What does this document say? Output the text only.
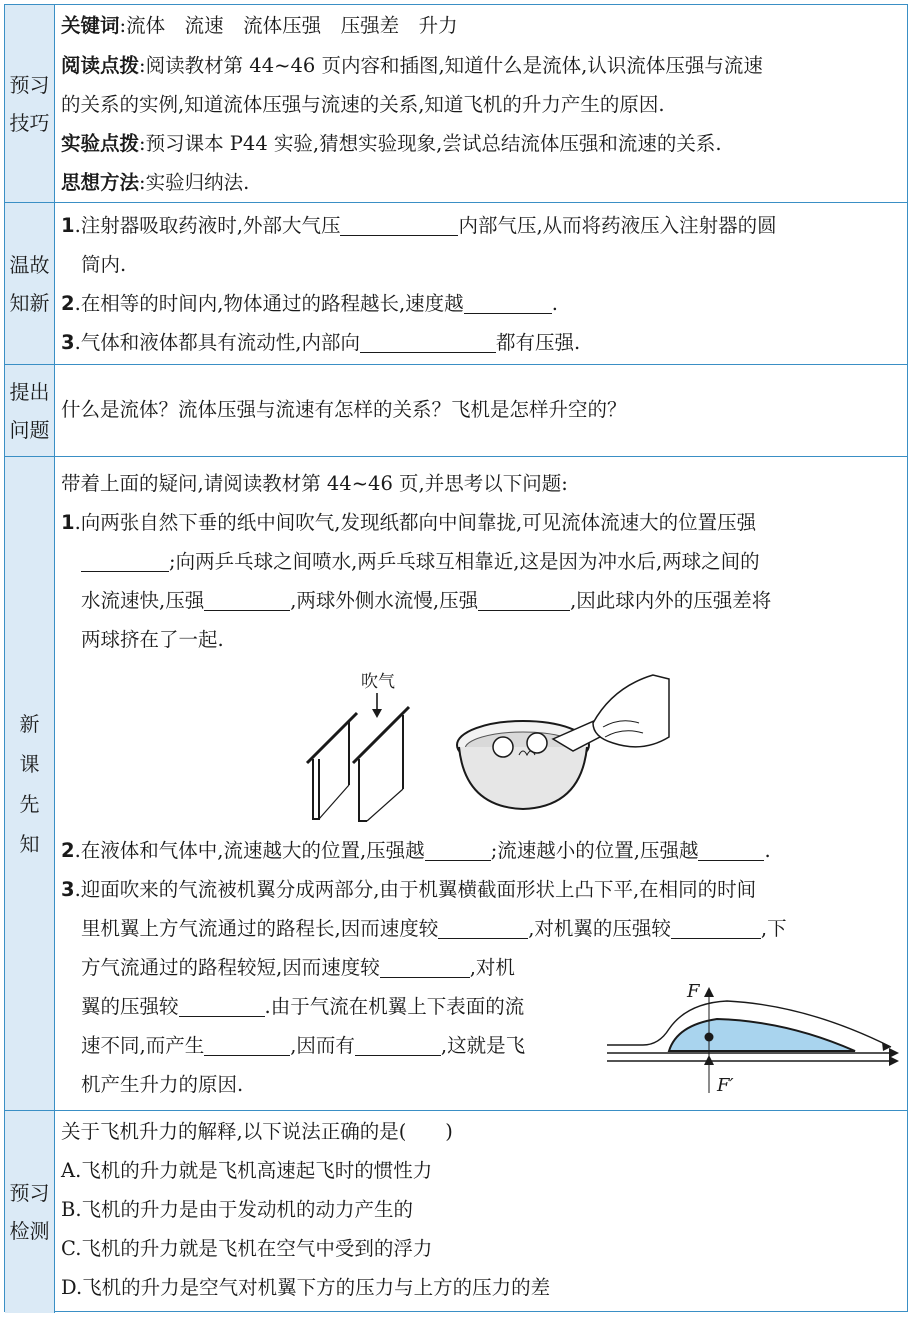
预习技巧
关键词:流体　流速　流体压强　压强差　升力
阅读点拨:阅读教材第 44~46 页内容和插图,知道什么是流体,认识流体压强与流速
的关系的实例,知道流体压强与流速的关系,知道飞机的升力产生的原因.
实验点拨:预习课本 P44 实验,猜想实验现象,尝试总结流体压强和流速的关系.
思想方法:实验归纳法.
温故知新
1.注射器吸取药液时,外部大气压	内部气压,从而将药液压入注射器的圆
筒内.
2.在相等的时间内,物体通过的路程越长,速度越	.
3.气体和液体都具有流动性,内部向	都有压强.
提出问题
什么是流体？流体压强与流速有怎样的关系？飞机是怎样升空的？
新课先知
带着上面的疑问,请阅读教材第 44~46 页,并思考以下问题:
1.向两张自然下垂的纸中间吹气,发现纸都向中间靠拢,可见流体流速大的位置压强
;向两乒乓球之间喷水,两乒乓球互相靠近,这是因为冲水后,两球之间的
水流速快,压强	,两球外侧水流慢,压强	,因此球内外的压强差将
两球挤在了一起.
吹气
2.在液体和气体中,流速越大的位置,压强越	;流速越小的位置,压强越	.
3.迎面吹来的气流被机翼分成两部分,由于机翼横截面形状上凸下平,在相同的时间
里机翼上方气流通过的路程长,因而速度较	,对机翼的压强较	,下
方气流通过的路程较短,因而速度较	,对机
翼的压强较	.由于气流在机翼上下表面的流
速不同,而产生	,因而有	,这就是飞
机产生升力的原因.
F
F′
预习检测
关于飞机升力的解释,以下说法正确的是(　　)
A.飞机的升力就是飞机高速起飞时的惯性力
B.飞机的升力是由于发动机的动力产生的
C.飞机的升力就是飞机在空气中受到的浮力
D.飞机的升力是空气对机翼下方的压力与上方的压力的差
